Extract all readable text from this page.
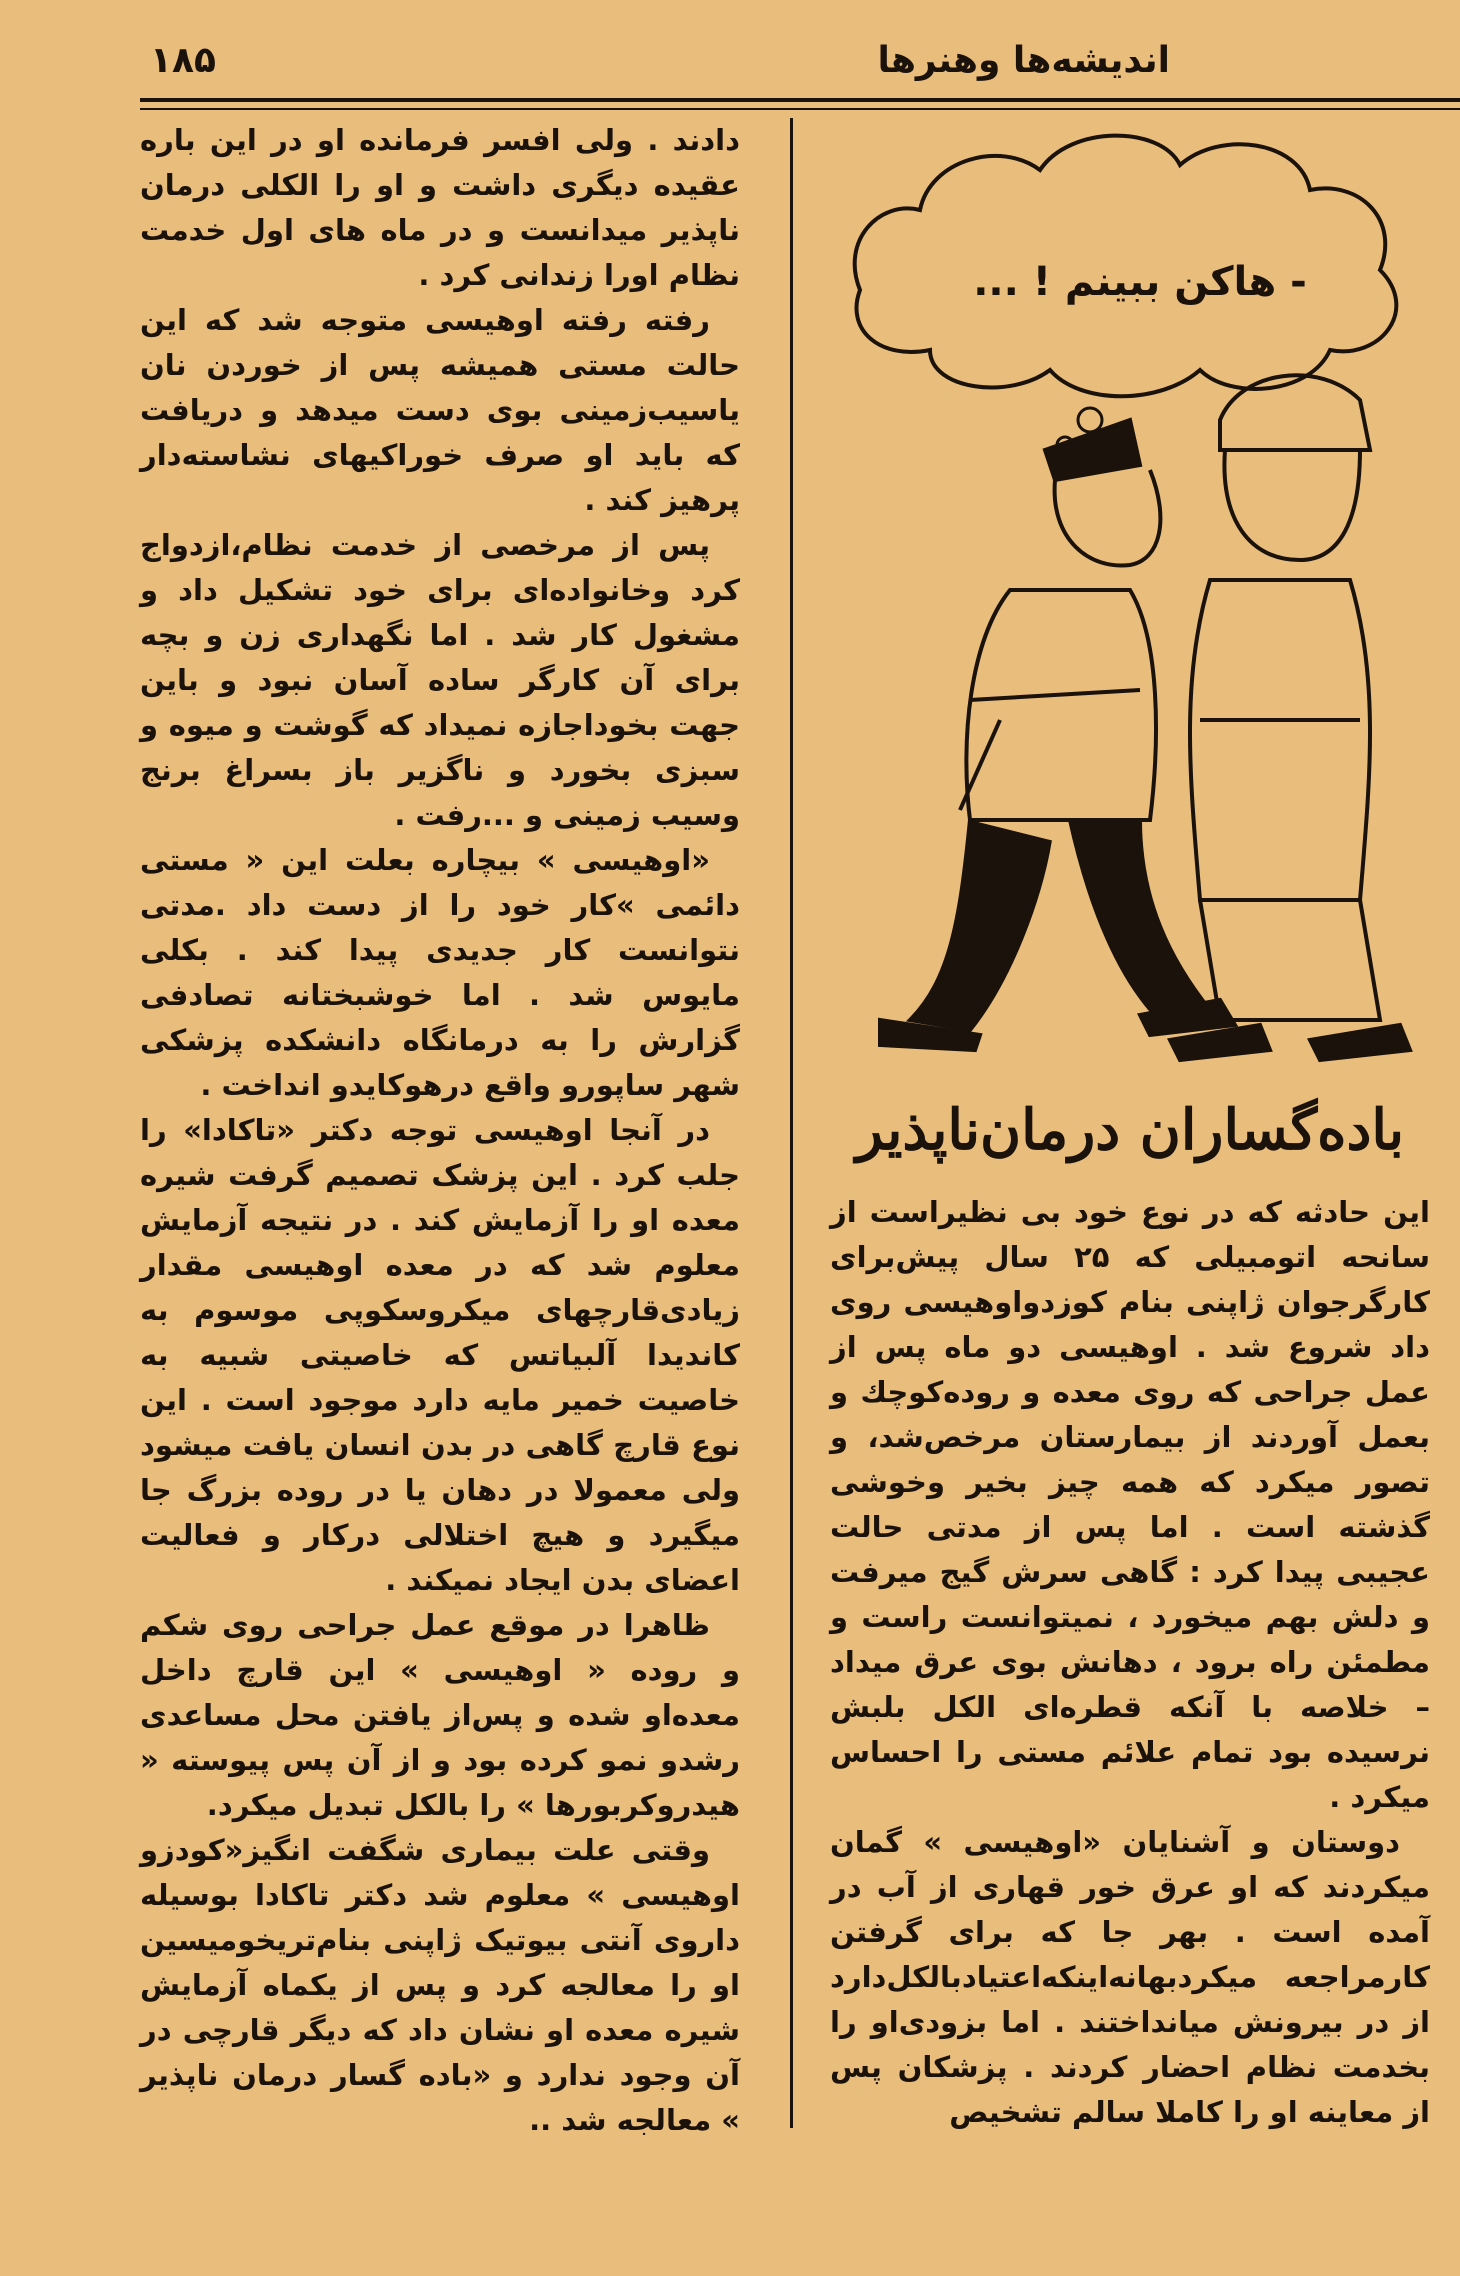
اندیشه‌ها وهنرها
۱۸۵

دادند . ولی افسر فرمانده او در این باره عقیده دیگری داشت و او را الکلی درمان ناپذیر میدانست و در ماه های اول خدمت نظام اورا زندانی کرد .

رفته رفته اوهیسی متوجه شد که این حالت مستی همیشه پس از خوردن نان یاسیب‌زمینی بوی دست میدهد و دریافت که باید او صرف خوراکیهای نشاسته‌دار پرهیز کند .

پس از مرخصی از خدمت نظام،ازدواج کرد وخانواده‌ای برای خود تشکیل داد و مشغول کار شد . اما نگهداری زن و بچه برای آن کارگر ساده آسان نبود و باین جهت بخوداجازه نمیداد که گوشت و میوه و سبزی بخورد و ناگزیر باز بسراغ برنج وسیب زمینی و ...رفت .

«اوهیسی » بیچاره بعلت این « مستی دائمی »کار خود را از دست داد .مدتی نتوانست کار جدیدی پیدا کند . بکلی مایوس شد . اما خوشبختانه تصادفی گزارش را به درمانگاه دانشکده پزشکی شهر ساپورو واقع درهوکایدو انداخت .

در آنجا اوهیسی توجه دکتر «تاکادا» را جلب کرد . این پزشک تصمیم گرفت شیره معده او را آزمایش کند . در نتیجه آزمایش معلوم شد که در معده اوهیسی مقدار زیادی‌قارچهای میکروسکوپی موسوم به کاندیدا آلبیاتس که خاصیتی شبیه به خاصیت خمیر مایه دارد موجود است . این نوع قارچ گاهی در بدن انسان یافت میشود ولی معمولا در دهان یا در روده بزرگ جا میگیرد و هیچ اختلالی درکار و فعالیت اعضای بدن ایجاد نمیکند .

ظاهرا در موقع عمل جراحی روی شکم و روده « اوهیسی » این قارچ داخل معده‌او شده و پس‌از یافتن محل مساعدی رشدو نمو کرده بود و از آن پس پیوسته « هیدروکربورها » را بالکل تبدیل میکرد.

وقتی علت بیماری شگفت انگیز«کودزو اوهیسی » معلوم شد دکتر تاکادا بوسیله داروی آنتی بیوتیک ژاپنی بنام‌تریخومیسین او را معالجه کرد و پس از یکماه آزمایش شیره معده او نشان داد که دیگر قارچی در آن وجود ندارد و «باده گسار درمان ناپذیر » معالجه شد ..

- هاکن ببینم ! ...
باده‌گساران درمان‌ناپذیر

این حادثه که در نوع خود بی نظیراست از سانحه اتومبیلی که ۲۵ سال پیش‌برای کارگرجوان ژاپنی بنام کوزدواوهیسی روی داد شروع شد . اوهیسی دو ماه پس از عمل جراحی که روی معده و روده‌کوچك و بعمل آوردند از بیمارستان مرخص‌شد، و تصور میکرد که همه چیز بخیر وخوشی گذشته است . اما پس از مدتی حالت عجیبی پیدا کرد : گاهی سرش گیج میرفت و دلش بهم میخورد ، نمیتوانست راست و مطمئن راه برود ، دهانش بوی عرق میداد – خلاصه با آنکه قطره‌ای الکل بلبش نرسیده بود تمام علائم مستی را احساس میکرد .

دوستان و آشنایان «اوهیسی » گمان میکردند که او عرق خور قهاری از آب در آمده است . بهر جا که برای گرفتن کارمراجعه میکرد‌بهانه‌اینکه‌اعتیادبالکل‌دارد از در بیرونش میانداختند . اما بزودی‌او را بخدمت نظام احضار کردند . پزشکان پس از معاینه او را کاملا سالم تشخیص
